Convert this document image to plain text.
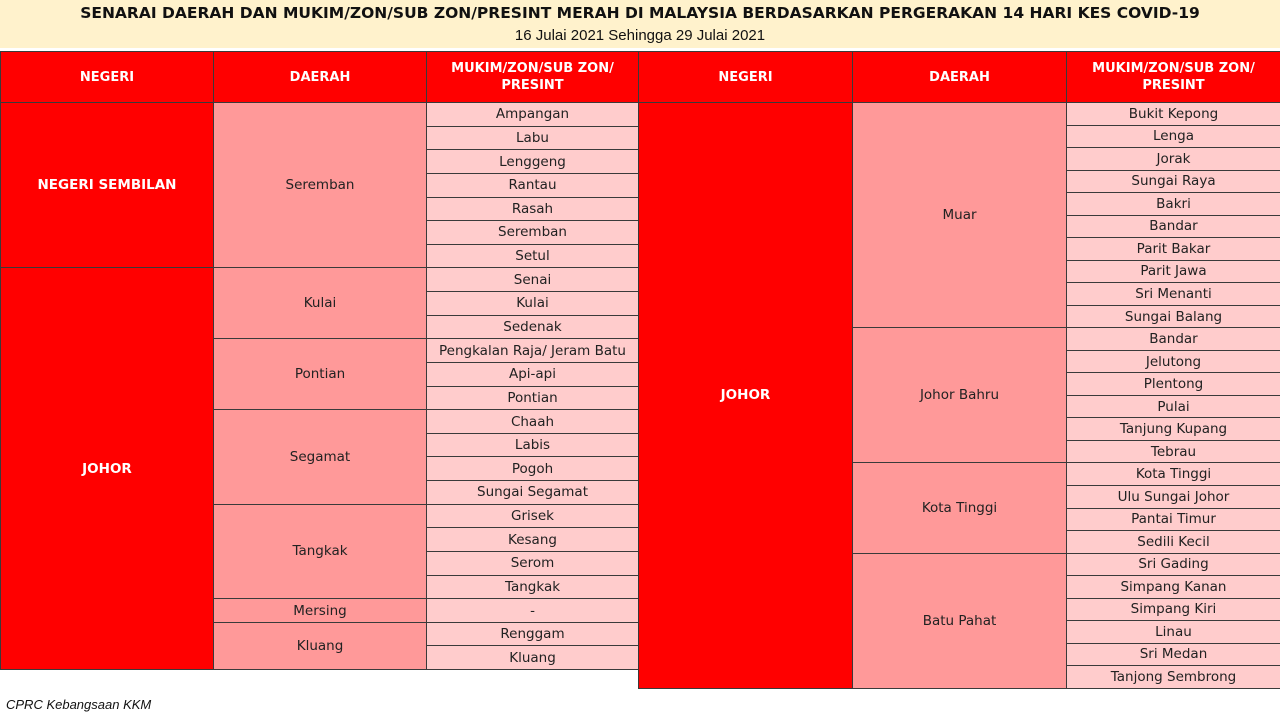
SENARAI DAERAH DAN MUKIM/ZON/SUB ZON/PRESINT MERAH DI MALAYSIA BERDASARKAN PERGERAKAN 14 HARI KES COVID-19
16 Julai 2021 Sehingga 29 Julai 2021
NEGERI	DAERAH
MUKIM/ZON/SUB ZON/ PRESINT
Ampangan
Labu
Lenggeng
Rantau
Rasah
Seremban
Setul
Seremban
NEGERI SEMBILAN
Senai
Kulai
Sedenak
Kulai
Pengkalan Raja/ Jeram Batu
Api-api
Pontian
Pontian
Chaah
Labis
Pogoh
Sungai Segamat
Segamat
Grisek
Kesang
Serom
Tangkak
Tangkak
-
Mersing
Renggam
Kluang
Kluang
JOHOR
NEGERI	DAERAH
MUKIM/ZON/SUB ZON/ PRESINT
Bukit Kepong
Lenga
Jorak
Sungai Raya
Bakri
Bandar
Parit Bakar
Parit Jawa
Sri Menanti
Sungai Balang
Muar
Bandar
Jelutong
Plentong
Pulai
Tanjung Kupang
Tebrau
Johor Bahru
Kota Tinggi
Ulu Sungai Johor
Pantai Timur
Sedili Kecil
Kota Tinggi
Sri Gading
Simpang Kanan
Simpang Kiri
Linau
Sri Medan
Tanjong Sembrong
Batu Pahat
JOHOR
CPRC Kebangsaan KKM
